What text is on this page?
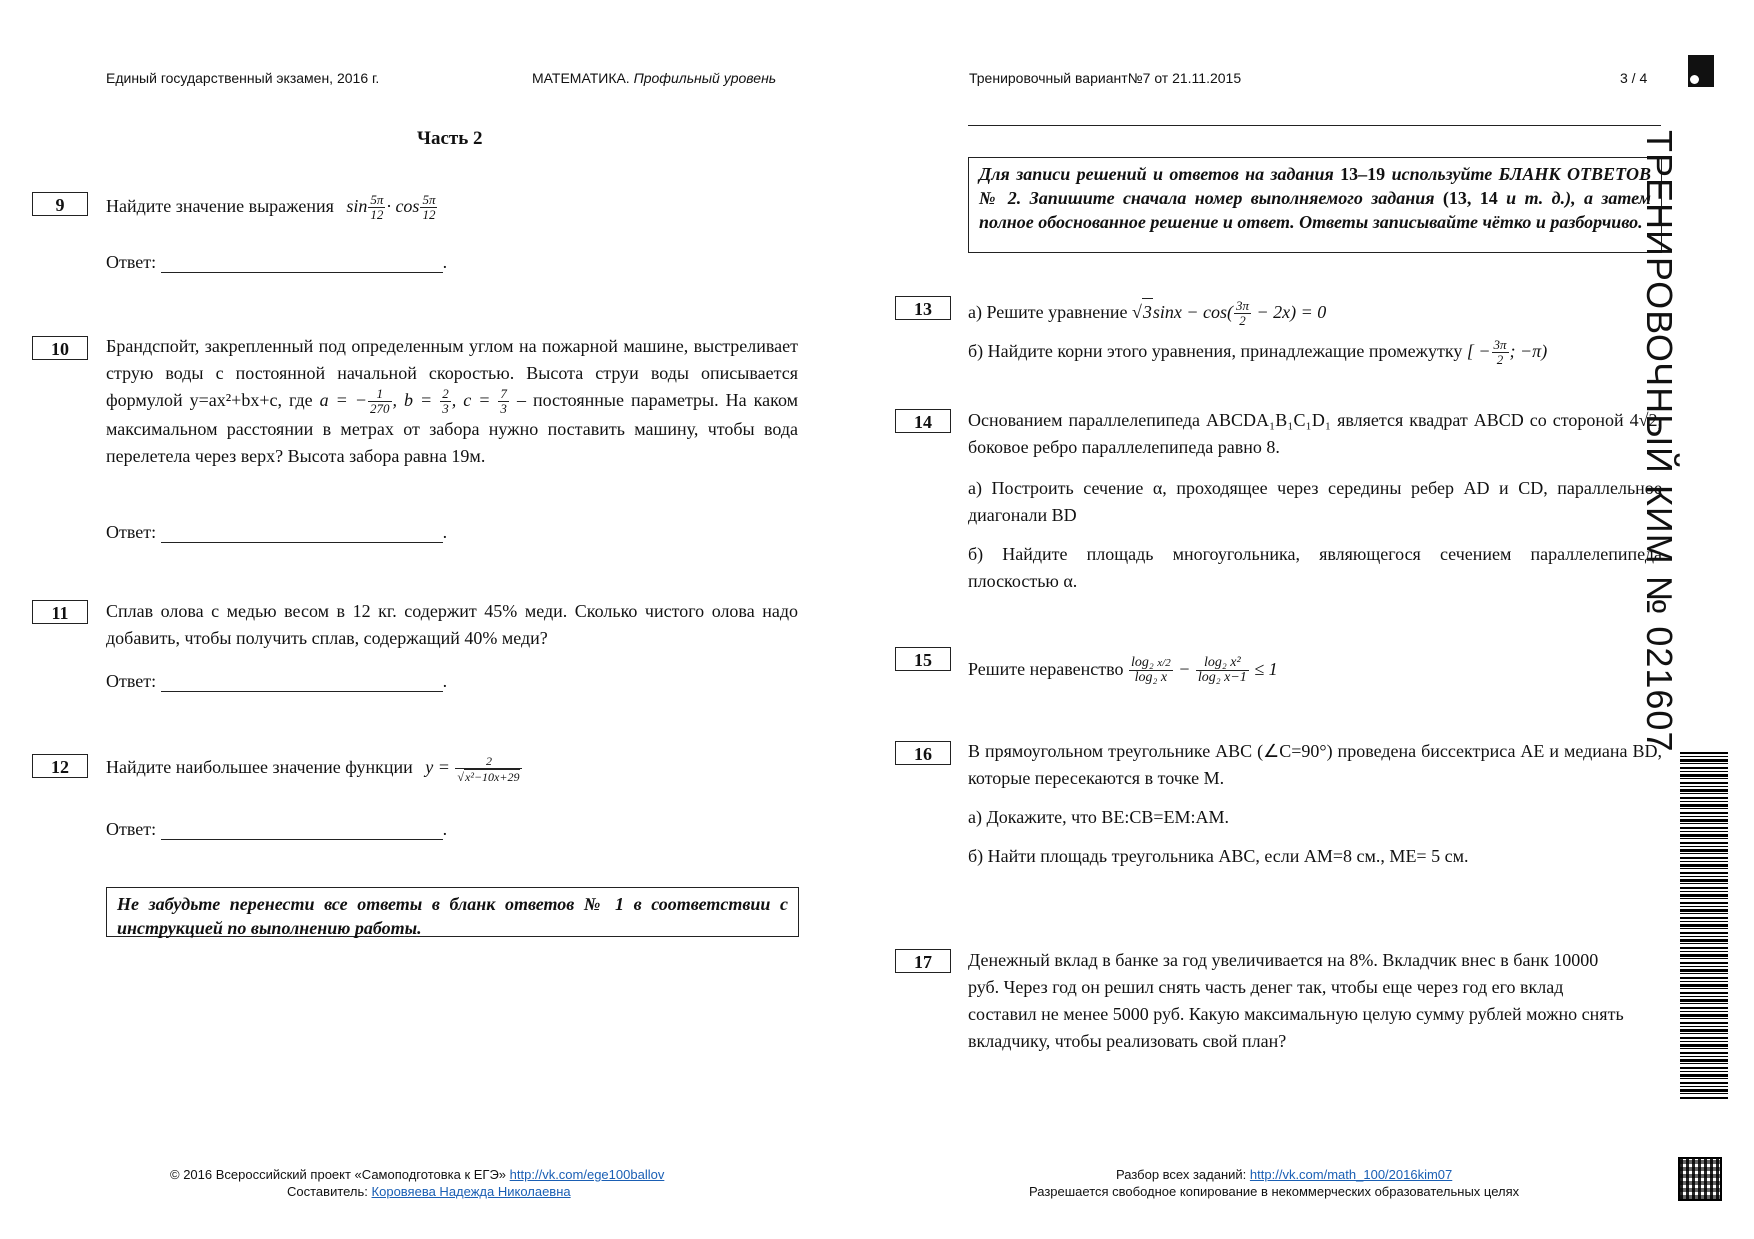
Единый государственный экзамен, 2016 г.	МАТЕМАТИКА. Профильный уровень	Тренировочный вариант№7 от 21.11.2015	3 / 4
Часть 2
9	Найдите значение выражения $\sin \frac{5\pi}{12} \cdot \cos \frac{5\pi}{12}$
Ответ:	.
10	Брандспойт, закрепленный под определенным углом на пожарной машине, выстреливает струю воды с постоянной начальной скоростью. Высота струи воды описывается формулой y=ax²+bx+c, где a = − $\frac{1}{270}$ , $b = \frac{2}{3}$ , $c = \frac{7}{3}$ – постоянные параметры. На каком максимальном расстоянии в метрах от забора нужно поставить машину, чтобы вода перелетела через верх? Высота забора равна 19м.
Ответ:	.
11	Сплав олова с медью весом в 12 кг. содержит 45% меди. Сколько чистого олова надо добавить, чтобы получить сплав, содержащий 40% меди?
Ответ:	.
12	Найдите наибольшее значение функции $y = \frac{2}{\text{√x²−10x+29}}$
Ответ:	.
Не забудьте перенести все ответы в бланк ответов № 1 в соответствии с инструкцией по выполнению работы.
Для записи решений и ответов на задания 13–19 используйте БЛАНК ОТВЕТОВ № 2. Запишите сначала номер выполняемого задания (13, 14 и т. д.), а затем полное обоснованное решение и ответ. Ответы записывайте чётко и разборчиво.
13	а) Решите уравнение $√3\sin x - \cos( \frac{3\pi}{2} - 2x) = 0$
б) Найдите корни этого уравнения, принадлежащие промежутку [ − $\frac{3\pi}{2}$ ; −π)
14	Основанием параллелепипеда ABCDA₁B₁C₁D₁ является квадрат ABCD со стороной 4√2, боковое ребро параллелепипеда равно 8.
а) Построить сечение α, проходящее через середины ребер AD и CD, параллельное диагонали BD
б) Найдите площадь многоугольника, являющегося сечением параллелепипеда плоскостью α.
15	Решите неравенство $\frac{\text{log₂ x/2}}{\text{log₂ x}} - \frac{\text{log₂ x²}}{\text{log₂ x−1}} \le 1$
16	В прямоугольном треугольнике ABC (∠C=90°) проведена биссектриса AE и медиана BD, которые пересекаются в точке M.
а) Докажите, что BE:CB=EM:AM.
б) Найти площадь треугольника ABC, если AM=8 см., ME= 5 см.
17	Денежный вклад в банке за год увеличивается на 8%. Вкладчик внес в банк 10000 руб. Через год он решил снять часть денег так, чтобы еще через год его вклад составил не менее 5000 руб. Какую максимальную целую сумму рублей можно снять вкладчику, чтобы реализовать свой план?
ТРЕНИРОВОЧНЫЙ КИМ № 021607
© 2016 Всероссийский проект «Самоподготовка к ЕГЭ» http://vk.com/ege100ballov
Составитель: Коровяева Надежда Николаевна
Разбор всех заданий: http://vk.com/math_100/2016kim07
Разрешается свободное копирование в некоммерческих образовательных целях
